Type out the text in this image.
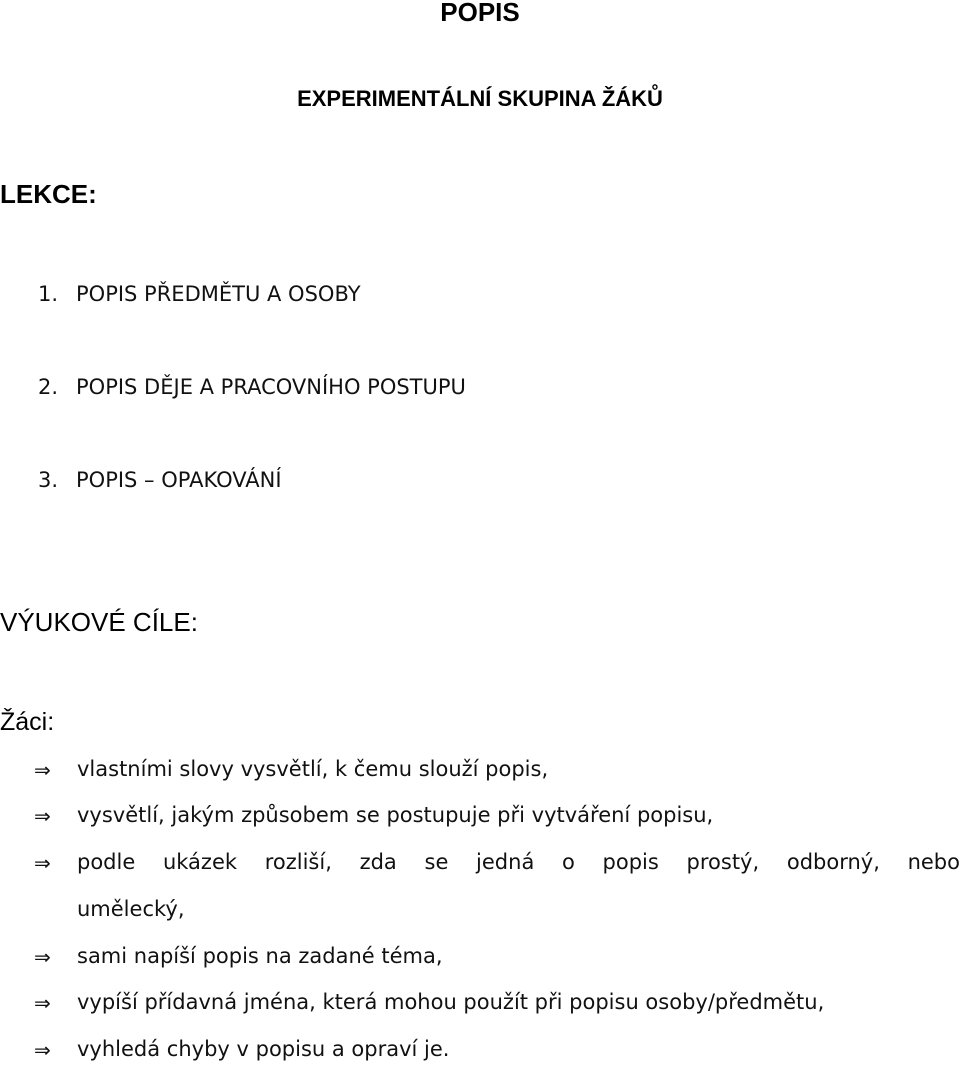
POPIS
EXPERIMENTÁLNÍ SKUPINA ŽÁKŮ
LEKCE:
1. POPIS PŘEDMĚTU A OSOBY
2. POPIS DĚJE A PRACOVNÍHO POSTUPU
3. POPIS – OPAKOVÁNÍ
VÝUKOVÉ CÍLE:
Žáci:
⇒ vlastními slovy vysvětlí, k čemu slouží popis,
⇒ vysvětlí, jakým způsobem se postupuje při vytváření popisu,
⇒ podle ukázek rozliší, zda se jedná o popis prostý, odborný, nebo
umělecký,
⇒ sami napíší popis na zadané téma,
⇒ vypíší přídavná jména, která mohou použít při popisu osoby/předmětu,
⇒ vyhledá chyby v popisu a opraví je.
